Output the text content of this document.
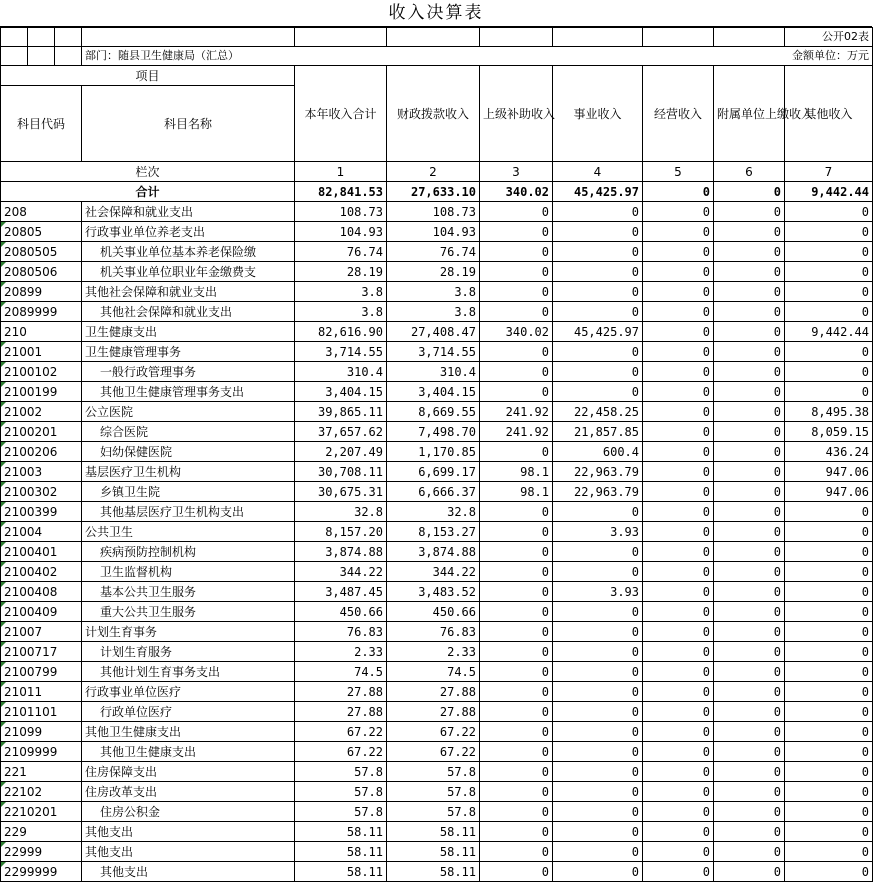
收入决算表
										公开02表
			部门：随县卫生健康局（汇总）						金额单位：万元	
项目				本年收入合计	财政拨款收入	上级补助收入	事业收入	经营收入	附属单位上缴收入	其他收入
科目代码			科目名称							

栏次				1	2	3	4	5	6	7
合计				82,841.53	27,633.10	340.02	45,425.97	0	0	9,442.44
208			社会保障和就业支出	108.73	108.73	0	0	0	0	0
20805			行政事业单位养老支出	104.93	104.93	0	0	0	0	0
2080505			机关事业单位基本养老保险缴	76.74	76.74	0	0	0	0	0
2080506			机关事业单位职业年金缴费支	28.19	28.19	0	0	0	0	0
20899			其他社会保障和就业支出	3.8	3.8	0	0	0	0	0
2089999			其他社会保障和就业支出	3.8	3.8	0	0	0	0	0
210			卫生健康支出	82,616.90	27,408.47	340.02	45,425.97	0	0	9,442.44
21001			卫生健康管理事务	3,714.55	3,714.55	0	0	0	0	0
2100102			一般行政管理事务	310.4	310.4	0	0	0	0	0
2100199			其他卫生健康管理事务支出	3,404.15	3,404.15	0	0	0	0	0
21002			公立医院	39,865.11	8,669.55	241.92	22,458.25	0	0	8,495.38
2100201			综合医院	37,657.62	7,498.70	241.92	21,857.85	0	0	8,059.15
2100206			妇幼保健医院	2,207.49	1,170.85	0	600.4	0	0	436.24
21003			基层医疗卫生机构	30,708.11	6,699.17	98.1	22,963.79	0	0	947.06
2100302			乡镇卫生院	30,675.31	6,666.37	98.1	22,963.79	0	0	947.06
2100399			其他基层医疗卫生机构支出	32.8	32.8	0	0	0	0	0
21004			公共卫生	8,157.20	8,153.27	0	3.93	0	0	0
2100401			疾病预防控制机构	3,874.88	3,874.88	0	0	0	0	0
2100402			卫生监督机构	344.22	344.22	0	0	0	0	0
2100408			基本公共卫生服务	3,487.45	3,483.52	0	3.93	0	0	0
2100409			重大公共卫生服务	450.66	450.66	0	0	0	0	0
21007			计划生育事务	76.83	76.83	0	0	0	0	0
2100717			计划生育服务	2.33	2.33	0	0	0	0	0
2100799			其他计划生育事务支出	74.5	74.5	0	0	0	0	0
21011			行政事业单位医疗	27.88	27.88	0	0	0	0	0
2101101			行政单位医疗	27.88	27.88	0	0	0	0	0
21099			其他卫生健康支出	67.22	67.22	0	0	0	0	0
2109999			其他卫生健康支出	67.22	67.22	0	0	0	0	0
221			住房保障支出	57.8	57.8	0	0	0	0	0
22102			住房改革支出	57.8	57.8	0	0	0	0	0
2210201			住房公积金	57.8	57.8	0	0	0	0	0
229			其他支出	58.11	58.11	0	0	0	0	0
22999			其他支出	58.11	58.11	0	0	0	0	0
2299999			其他支出	58.11	58.11	0	0	0	0	0
